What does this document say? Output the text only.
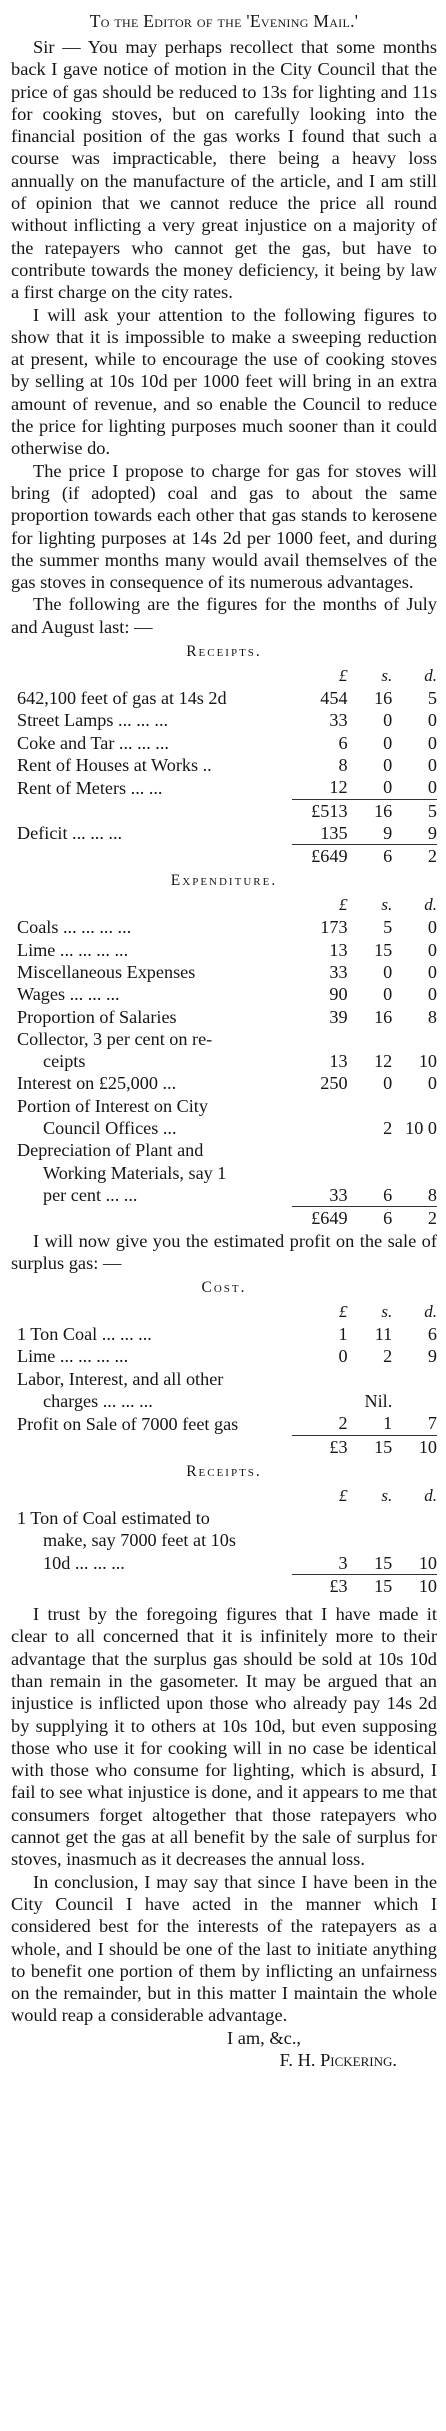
To the Editor of the 'Evening Mail.'

Sir — You may perhaps recollect that some months back I gave notice of motion in the City Council that the price of gas should be reduced to 13s for lighting and 11s for cooking stoves, but on carefully looking into the financial position of the gas works I found that such a course was impracticable, there being a heavy loss annually on the manufacture of the article, and I am still of opinion that we cannot reduce the price all round without inflicting a very great injustice on a majority of the ratepayers who cannot get the gas, but have to contribute towards the money deficiency, it being by law a first charge on the city rates.

I will ask your attention to the following figures to show that it is impossible to make a sweeping reduction at present, while to encourage the use of cooking stoves by selling at 10s 10d per 1000 feet will bring in an extra amount of revenue, and so enable the Council to reduce the price for lighting purposes much sooner than it could otherwise do.

The price I propose to charge for gas for stoves will bring (if adopted) coal and gas to about the same proportion towards each other that gas stands to kerosene for lighting purposes at 14s 2d per 1000 feet, and during the summer months many would avail themselves of the gas stoves in consequence of its numerous advantages.

The following are the figures for the months of July and August last: —

Receipts.
	£	s.	d.
642,100 feet of gas at 14s 2d	454	16	5
Street Lamps ... ... ...	33	0	0
Coke and Tar ... ... ...	6	0	0
Rent of Houses at Works ..	8	0	0
Rent of Meters ... ...	12	0	0
	£513	16	5
Deficit ... ... ...	135	9	9
	£649	6	2
Expenditure.
	£	s.	d.
Coals ... ... ... ...	173	5	0
Lime ... ... ... ...	13	15	0
Miscellaneous Expenses	33	0	0
Wages ... ... ...	90	0	0
Proportion of Salaries	39	16	8
Collector, 3 per cent on re-			
ceipts	13	12	10
Interest on £25,000 ...	250	0	0
Portion of Interest on City			
Council Offices ...		2	10 0
Depreciation of Plant and			
Working Materials, say 1			
per cent ... ...	33	6	8
	£649	6	2

I will now give you the estimated profit on the sale of surplus gas: —

Cost.
	£	s.	d.
1 Ton Coal ... ... ...	1	11	6
Lime ... ... ... ...	0	2	9
Labor, Interest, and all other			
charges ... ... ...		Nil.	
Profit on Sale of 7000 feet gas	2	1	7
	£3	15	10
Receipts.
	£	s.	d.
1 Ton of Coal estimated to			
make, say 7000 feet at 10s			
10d ... ... ...	3	15	10
	£3	15	10

I trust by the foregoing figures that I have made it clear to all concerned that it is infinitely more to their advantage that the surplus gas should be sold at 10s 10d than remain in the gasometer. It may be argued that an injustice is inflicted upon those who already pay 14s 2d by supplying it to others at 10s 10d, but even supposing those who use it for cooking will in no case be identical with those who consume for lighting, which is absurd, I fail to see what injustice is done, and it appears to me that consumers forget altogether that those ratepayers who cannot get the gas at all benefit by the sale of surplus for stoves, inasmuch as it decreases the annual loss.

In conclusion, I may say that since I have been in the City Council I have acted in the manner which I considered best for the interests of the ratepayers as a whole, and I should be one of the last to initiate anything to benefit one portion of them by inflicting an unfairness on the remainder, but in this matter I maintain the whole would reap a considerable advantage.

I am, &c.,
F. H. Pickering.
